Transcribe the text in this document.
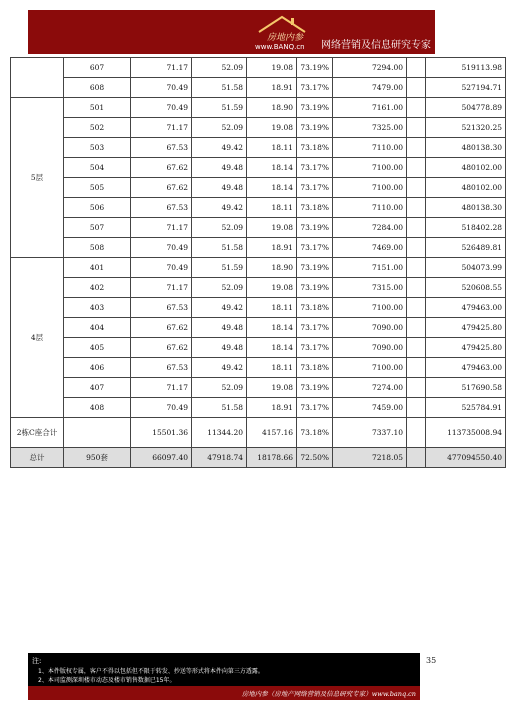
房地内参
www.BANQ.cn 网络营销及信息研究专家
	607	71.17	52.09	19.08	73.19%	7294.00		519113.98
	608	70.49	51.58	18.91	73.17%	7479.00		527194.71
5层	501	70.49	51.59	18.90	73.19%	7161.00		504778.89
	502	71.17	52.09	19.08	73.19%	7325.00		521320.25
	503	67.53	49.42	18.11	73.18%	7110.00		480138.30
	504	67.62	49.48	18.14	73.17%	7100.00		480102.00
	505	67.62	49.48	18.14	73.17%	7100.00		480102.00
	506	67.53	49.42	18.11	73.18%	7110.00		480138.30
	507	71.17	52.09	19.08	73.19%	7284.00		518402.28
	508	70.49	51.58	18.91	73.17%	7469.00		526489.81
4层	401	70.49	51.59	18.90	73.19%	7151.00		504073.99
	402	71.17	52.09	19.08	73.19%	7315.00		520608.55
	403	67.53	49.42	18.11	73.18%	7100.00		479463.00
	404	67.62	49.48	18.14	73.17%	7090.00		479425.80
	405	67.62	49.48	18.14	73.17%	7090.00		479425.80
	406	67.53	49.42	18.11	73.18%	7100.00		479463.00
	407	71.17	52.09	19.08	73.19%	7274.00		517690.58
	408	70.49	51.58	18.91	73.17%	7459.00		525784.91
2栋C座合计		15501.36	11344.20	4157.16	73.18%	7337.10		113735008.94
总计	950套	66097.40	47918.74	18178.66	72.50%	7218.05		477094550.40
注:
1、本件版权专属，客户不得以包括但不限于转发、抄送等形式将本件向第三方透露。
2、本司监测深圳楼市动态及楼市销售数据已15年。
房地内参（房地产网络营销及信息研究专家）www.banq.cn
35
